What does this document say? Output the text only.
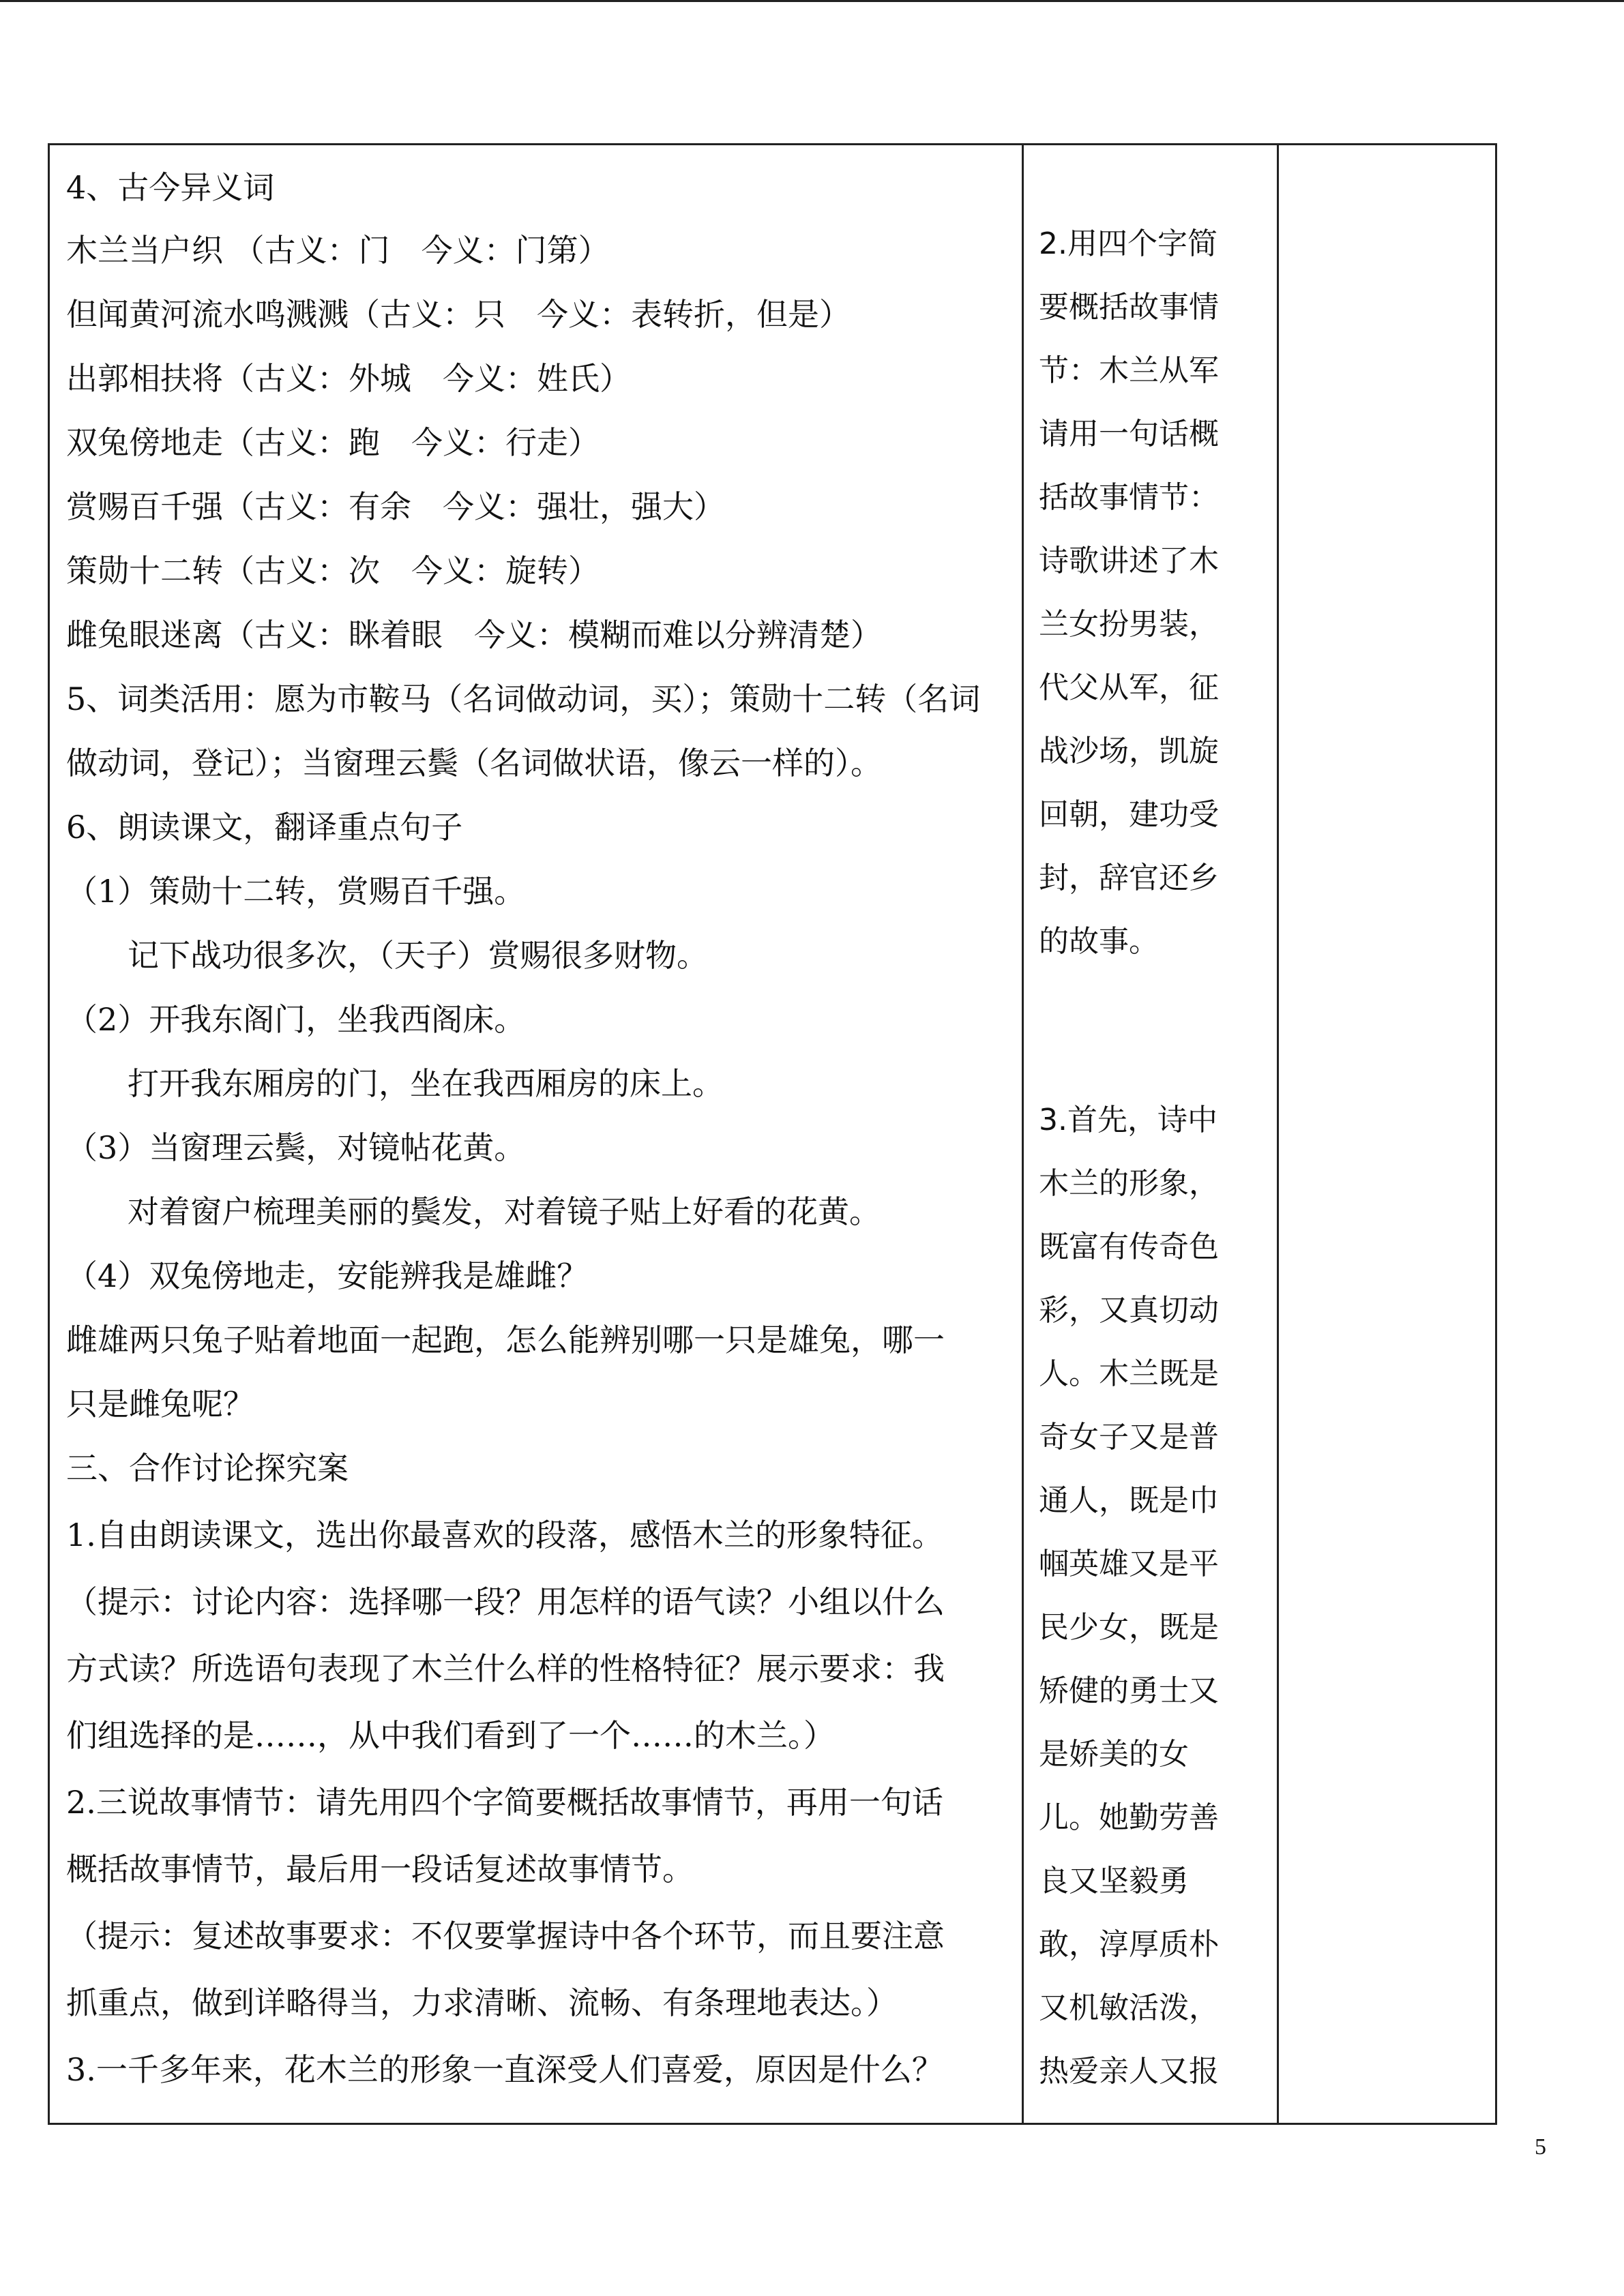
4、古今异义词
木兰当户织 （古义：门　今义：门第）
但闻黄河流水鸣溅溅（古义：只　今义：表转折，但是）
出郭相扶将（古义：外城　今义：姓氏）
双兔傍地走（古义：跑　今义：行走）
赏赐百千强（古义：有余　今义：强壮，强大）
策勋十二转（古义：次　今义：旋转）
雌兔眼迷离（古义：眯着眼　今义：模糊而难以分辨清楚）
5、词类活用：愿为市鞍马（名词做动词，买）；策勋十二转（名词
做动词，登记）；当窗理云鬓（名词做状语，像云一样的）。
6、朗读课文，翻译重点句子
（1）策勋十二转，赏赐百千强。
记下战功很多次，（天子）赏赐很多财物。
（2）开我东阁门，坐我西阁床。
打开我东厢房的门，坐在我西厢房的床上。
（3）当窗理云鬓，对镜帖花黄。
对着窗户梳理美丽的鬓发，对着镜子贴上好看的花黄。
（4）双兔傍地走，安能辨我是雄雌？
雌雄两只兔子贴着地面一起跑，怎么能辨别哪一只是雄兔，哪一
只是雌兔呢？
三、合作讨论探究案
1.自由朗读课文，选出你最喜欢的段落，感悟木兰的形象特征。
（提示：讨论内容：选择哪一段？用怎样的语气读？小组以什么
方式读？所选语句表现了木兰什么样的性格特征？展示要求：我
们组选择的是……，从中我们看到了一个……的木兰。）
2.三说故事情节：请先用四个字简要概括故事情节，再用一句话
概括故事情节，最后用一段话复述故事情节。
（提示：复述故事要求：不仅要掌握诗中各个环节，而且要注意
抓重点，做到详略得当，力求清晰、流畅、有条理地表达。）
3.一千多年来，花木兰的形象一直深受人们喜爱，原因是什么？
2.用四个字简
要概括故事情
节：木兰从军
请用一句话概
括故事情节：
诗歌讲述了木
兰女扮男装，
代父从军，征
战沙场，凯旋
回朝，建功受
封，辞官还乡
的故事。
3.首先，诗中
木兰的形象，
既富有传奇色
彩，又真切动
人。木兰既是
奇女子又是普
通人，既是巾
帼英雄又是平
民少女，既是
矫健的勇士又
是娇美的女
儿。她勤劳善
良又坚毅勇
敢，淳厚质朴
又机敏活泼，
热爱亲人又报
5
